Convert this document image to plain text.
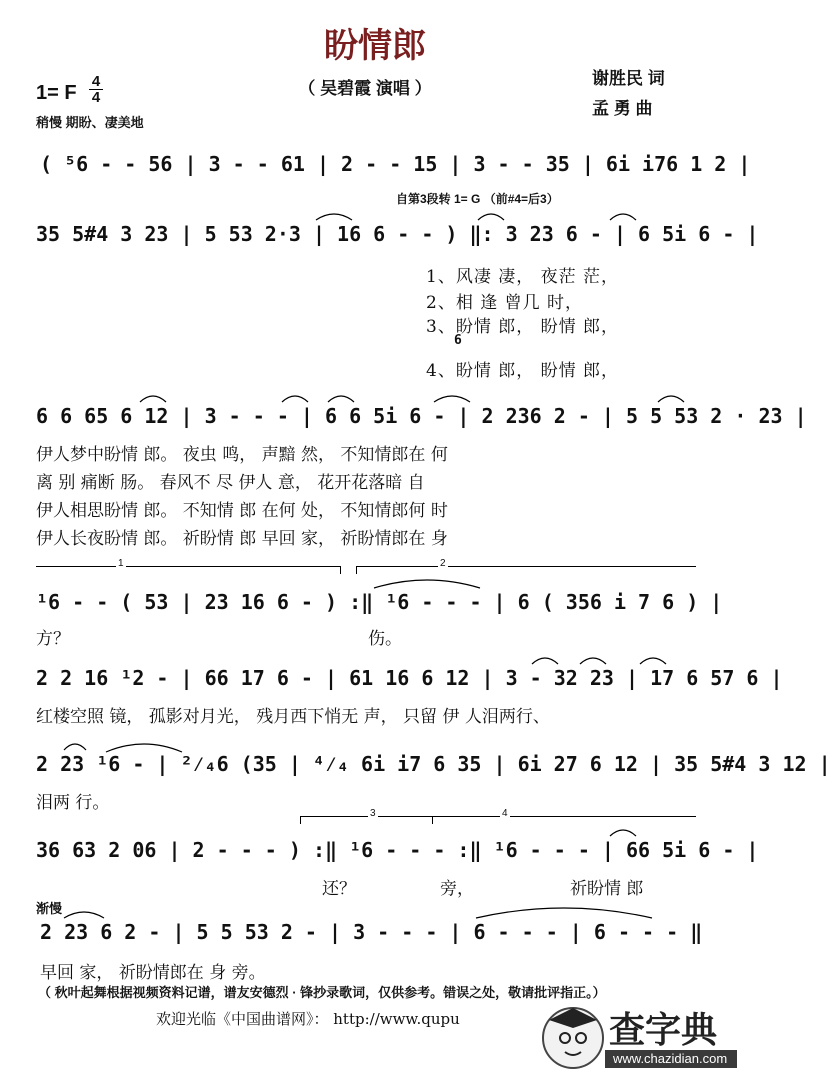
盼情郎
（ 吴碧霞 演唱 ）
谢胜民 词
孟 勇 曲
1= F
4
4
稍慢 期盼、凄美地
( ⁵6 - - 56 | 3 - - 61 | 2 - - 15 | 3 - - 35 | 6i i76 1 2 |
自第3段转 1= G （前#4=后3）
35 5#4 3 23 | 5 53 2·3 | 16 6 - - ) ‖: 3 23 6 - | 6 5i 6 - |
1、风凄 凄， 夜茫 茫，
2、相 逢 曾几 时，
3、盼情 郎， 盼情 郎，
6
4、盼情 郎， 盼情 郎，
6 6 65 6 12 | 3 - - - | 6 6 5i 6 - | 2 236 2 - | 5 5 53 2 · 23 |
伊人梦中盼情 郎。 夜虫 鸣， 声黯 然， 不知情郎在 何
离 别 痛断 肠。 春风不 尽 伊人 意， 花开花落暗 自
伊人相思盼情 郎。 不知情 郎 在何 处， 不知情郎何 时
伊人长夜盼情 郎。 祈盼情 郎 早回 家， 祈盼情郎在 身
1	2
¹6 - - ( 53 | 23 16 6 - ) :‖ ¹6 - - - | 6 ( 356 i 7 6 ) |
方？	伤。
2 2 16 ¹2 - | 66 17 6 - | 61 16 6 12 | 3 - 32 23 | 17 6 57 6 |
红楼空照 镜， 孤影对月光， 残月西下悄无 声， 只留 伊 人泪两行、
2 23 ¹6 - | ²⁄₄6 (35 | ⁴⁄₄ 6i i7 6 35 | 6i 27 6 12 | 35 5#4 3 12 |
泪两 行。
3	4
36 63 2 06 | 2 - - - ) :‖ ¹6 - - - :‖ ¹6 - - - | 66 5i 6 - |
还？	旁，	祈盼情 郎
渐慢
2 23 6 2 - | 5 5 53 2 - | 3 - - - | 6 - - - | 6 - - - ‖
早回 家， 祈盼情郎在 身 旁。
（ 秋叶起舞根据视频资料记谱，谱友安德烈 · 锋抄录歌词，仅供参考。错误之处，敬请批评指正。）
欢迎光临《中国曲谱网》： http://www.qupu	查字典
www.chazidian.com
